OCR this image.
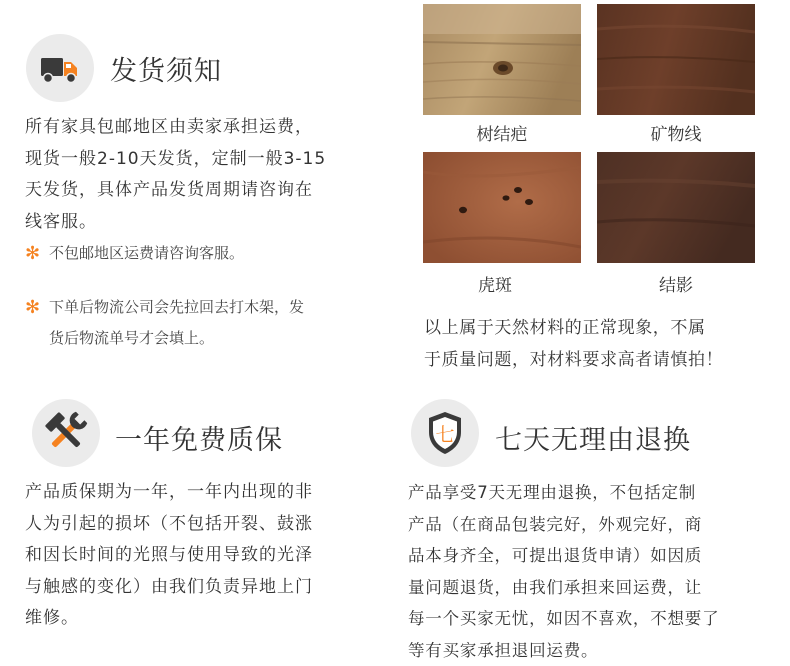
发货须知
所有家具包邮地区由卖家承担运费，
现货一般2-10天发货，定制一般3-15
天发货，具体产品发货周期请咨询在
线客服。
✻ 不包邮地区运费请咨询客服。
✻ 下单后物流公司会先拉回去打木架，发
货后物流单号才会填上。
树结疤	矿物线
虎斑	结影
以上属于天然材料的正常现象，不属
于质量问题，对材料要求高者请慎拍！
一年免费质保
产品质保期为一年，一年内出现的非
人为引起的损坏（不包括开裂、鼓涨
和因长时间的光照与使用导致的光泽
与触感的变化）由我们负责异地上门
维修。
七 七天无理由退换
产品享受7天无理由退换，不包括定制
产品（在商品包装完好，外观完好，商
品本身齐全，可提出退货申请）如因质
量问题退货，由我们承担来回运费，让
每一个买家无忧，如因不喜欢，不想要了
等有买家承担退回运费。
